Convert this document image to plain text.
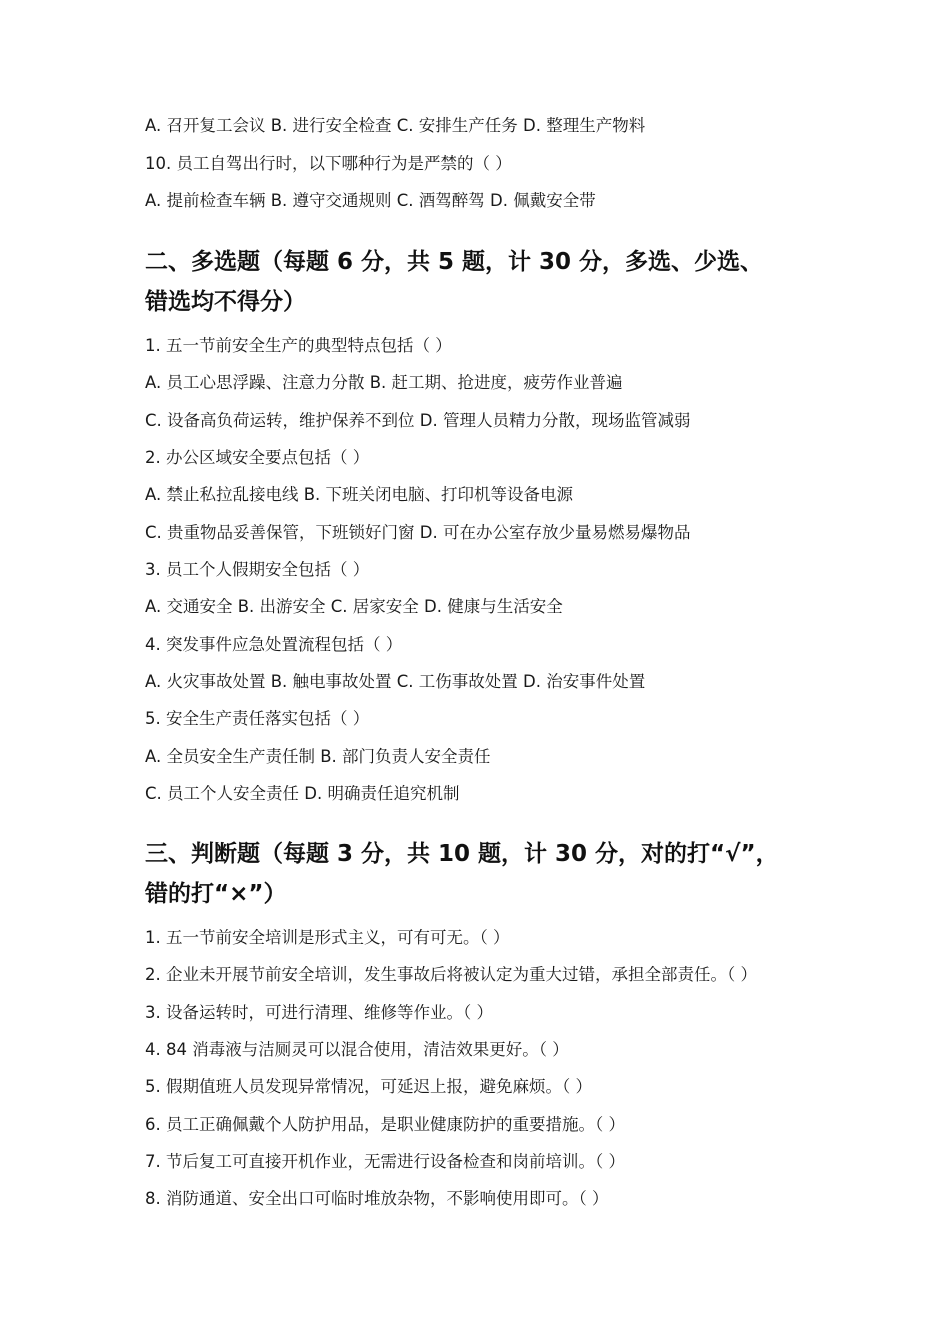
A. 召开复工会议 B. 进行安全检查 C. 安排生产任务 D. 整理生产物料
10. 员工自驾出行时，以下哪种行为是严禁的（ ）
A. 提前检查车辆 B. 遵守交通规则 C. 酒驾醉驾 D. 佩戴安全带
二、多选题（每题 6 分，共 5 题，计 30 分，多选、少选、
错选均不得分）
1. 五一节前安全生产的典型特点包括（ ）
A. 员工心思浮躁、注意力分散 B. 赶工期、抢进度，疲劳作业普遍
C. 设备高负荷运转，维护保养不到位 D. 管理人员精力分散，现场监管减弱
2. 办公区域安全要点包括（ ）
A. 禁止私拉乱接电线 B. 下班关闭电脑、打印机等设备电源
C. 贵重物品妥善保管，下班锁好门窗 D. 可在办公室存放少量易燃易爆物品
3. 员工个人假期安全包括（ ）
A. 交通安全 B. 出游安全 C. 居家安全 D. 健康与生活安全
4. 突发事件应急处置流程包括（ ）
A. 火灾事故处置 B. 触电事故处置 C. 工伤事故处置 D. 治安事件处置
5. 安全生产责任落实包括（ ）
A. 全员安全生产责任制 B. 部门负责人安全责任
C. 员工个人安全责任 D. 明确责任追究机制
三、判断题（每题 3 分，共 10 题，计 30 分，对的打“√”，
错的打“×”）
1. 五一节前安全培训是形式主义，可有可无。（ ）
2. 企业未开展节前安全培训，发生事故后将被认定为重大过错，承担全部责任。（ ）
3. 设备运转时，可进行清理、维修等作业。（ ）
4. 84 消毒液与洁厕灵可以混合使用，清洁效果更好。（ ）
5. 假期值班人员发现异常情况，可延迟上报，避免麻烦。（ ）
6. 员工正确佩戴个人防护用品，是职业健康防护的重要措施。（ ）
7. 节后复工可直接开机作业，无需进行设备检查和岗前培训。（ ）
8. 消防通道、安全出口可临时堆放杂物，不影响使用即可。（ ）
